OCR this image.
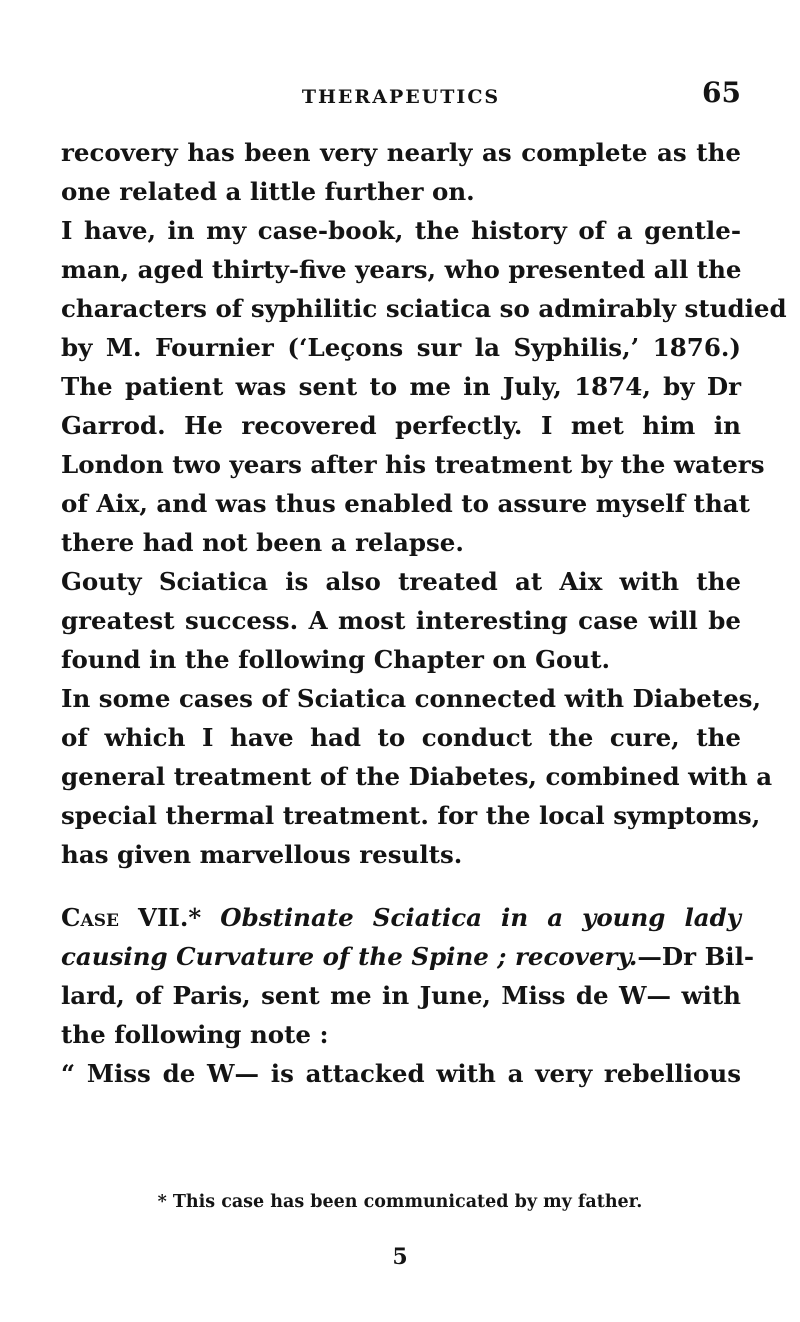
THERAPEUTICS	65
recovery has been very nearly as complete as the
one related a little further on.
I have, in my case-book, the history of a gentle-
man, aged thirty-five years, who presented all the
characters of syphilitic sciatica so admirably studied
by M. Fournier (‘Leçons sur la Syphilis,’ 1876.)
The patient was sent to me in July, 1874, by Dr
Garrod. He recovered perfectly. I met him in
London two years after his treatment by the waters
of Aix, and was thus enabled to assure myself that
there had not been a relapse.
Gouty Sciatica is also treated at Aix with the
greatest success. A most interesting case will be
found in the following Chapter on Gout.
In some cases of Sciatica connected with Diabetes,
of which I have had to conduct the cure, the
general treatment of the Diabetes, combined with a
special thermal treatment. for the local symptoms,
has given marvellous results.
Case VII.* Obstinate Sciatica in a young lady
causing Curvature of the Spine ; recovery.—Dr Bil-
lard, of Paris, sent me in June, Miss de W— with
the following note :
“ Miss de W— is attacked with a very rebellious
* This case has been communicated by my father.
5
